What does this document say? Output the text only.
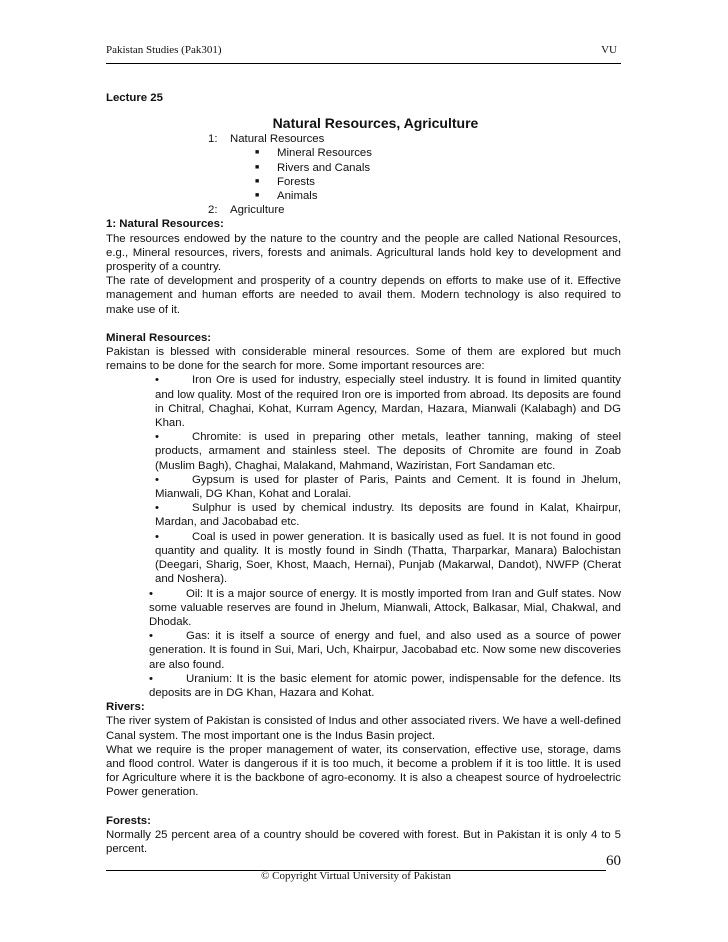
Pakistan Studies (Pak301)	VU
Lecture 25
Natural Resources, Agriculture
1: Natural Resources
■ Mineral Resources
■ Rivers and Canals
■ Forests
■ Animals
2: Agriculture
1: Natural Resources:
The resources endowed by the nature to the country and the people are called National Resources, e.g., Mineral resources, rivers, forests and animals. Agricultural lands hold key to development and prosperity of a country.
The rate of development and prosperity of a country depends on efforts to make use of it. Effective management and human efforts are needed to avail them. Modern technology is also required to make use of it.
Mineral Resources:
Pakistan is blessed with considerable mineral resources. Some of them are explored but much remains to be done for the search for more. Some important resources are:
•	Iron Ore is used for industry, especially steel industry. It is found in limited quantity and low quality. Most of the required Iron ore is imported from abroad. Its deposits are found in Chitral, Chaghai, Kohat, Kurram Agency, Mardan, Hazara, Mianwali (Kalabagh) and DG Khan.
•	Chromite: is used in preparing other metals, leather tanning, making of steel products, armament and stainless steel. The deposits of Chromite are found in Zoab (Muslim Bagh), Chaghai, Malakand, Mahmand, Waziristan, Fort Sandaman etc.
•	Gypsum is used for plaster of Paris, Paints and Cement. It is found in Jhelum, Mianwali, DG Khan, Kohat and Loralai.
•	Sulphur is used by chemical industry. Its deposits are found in Kalat, Khairpur, Mardan, and Jacobabad etc.
•	Coal is used in power generation. It is basically used as fuel. It is not found in good quantity and quality. It is mostly found in Sindh (Thatta, Tharparkar, Manara) Balochistan (Deegari, Sharig, Soer, Khost, Maach, Hernai), Punjab (Makarwal, Dandot), NWFP (Cherat and Noshera).
•	Oil: It is a major source of energy. It is mostly imported from Iran and Gulf states. Now some valuable reserves are found in Jhelum, Mianwali, Attock, Balkasar, Mial, Chakwal, and Dhodak.
•	Gas: it is itself a source of energy and fuel, and also used as a source of power generation. It is found in Sui, Mari, Uch, Khairpur, Jacobabad etc. Now some new discoveries are also found.
•	Uranium: It is the basic element for atomic power, indispensable for the defence. Its deposits are in DG Khan, Hazara and Kohat.
Rivers:
The river system of Pakistan is consisted of Indus and other associated rivers. We have a well-defined Canal system. The most important one is the Indus Basin project.
What we require is the proper management of water, its conservation, effective use, storage, dams and flood control. Water is dangerous if it is too much, it become a problem if it is too little. It is used for Agriculture where it is the backbone of agro-economy. It is also a cheapest source of hydroelectric Power generation.
Forests:
Normally 25 percent area of a country should be covered with forest. But in Pakistan it is only 4 to 5 percent.
60
© Copyright Virtual University of Pakistan
